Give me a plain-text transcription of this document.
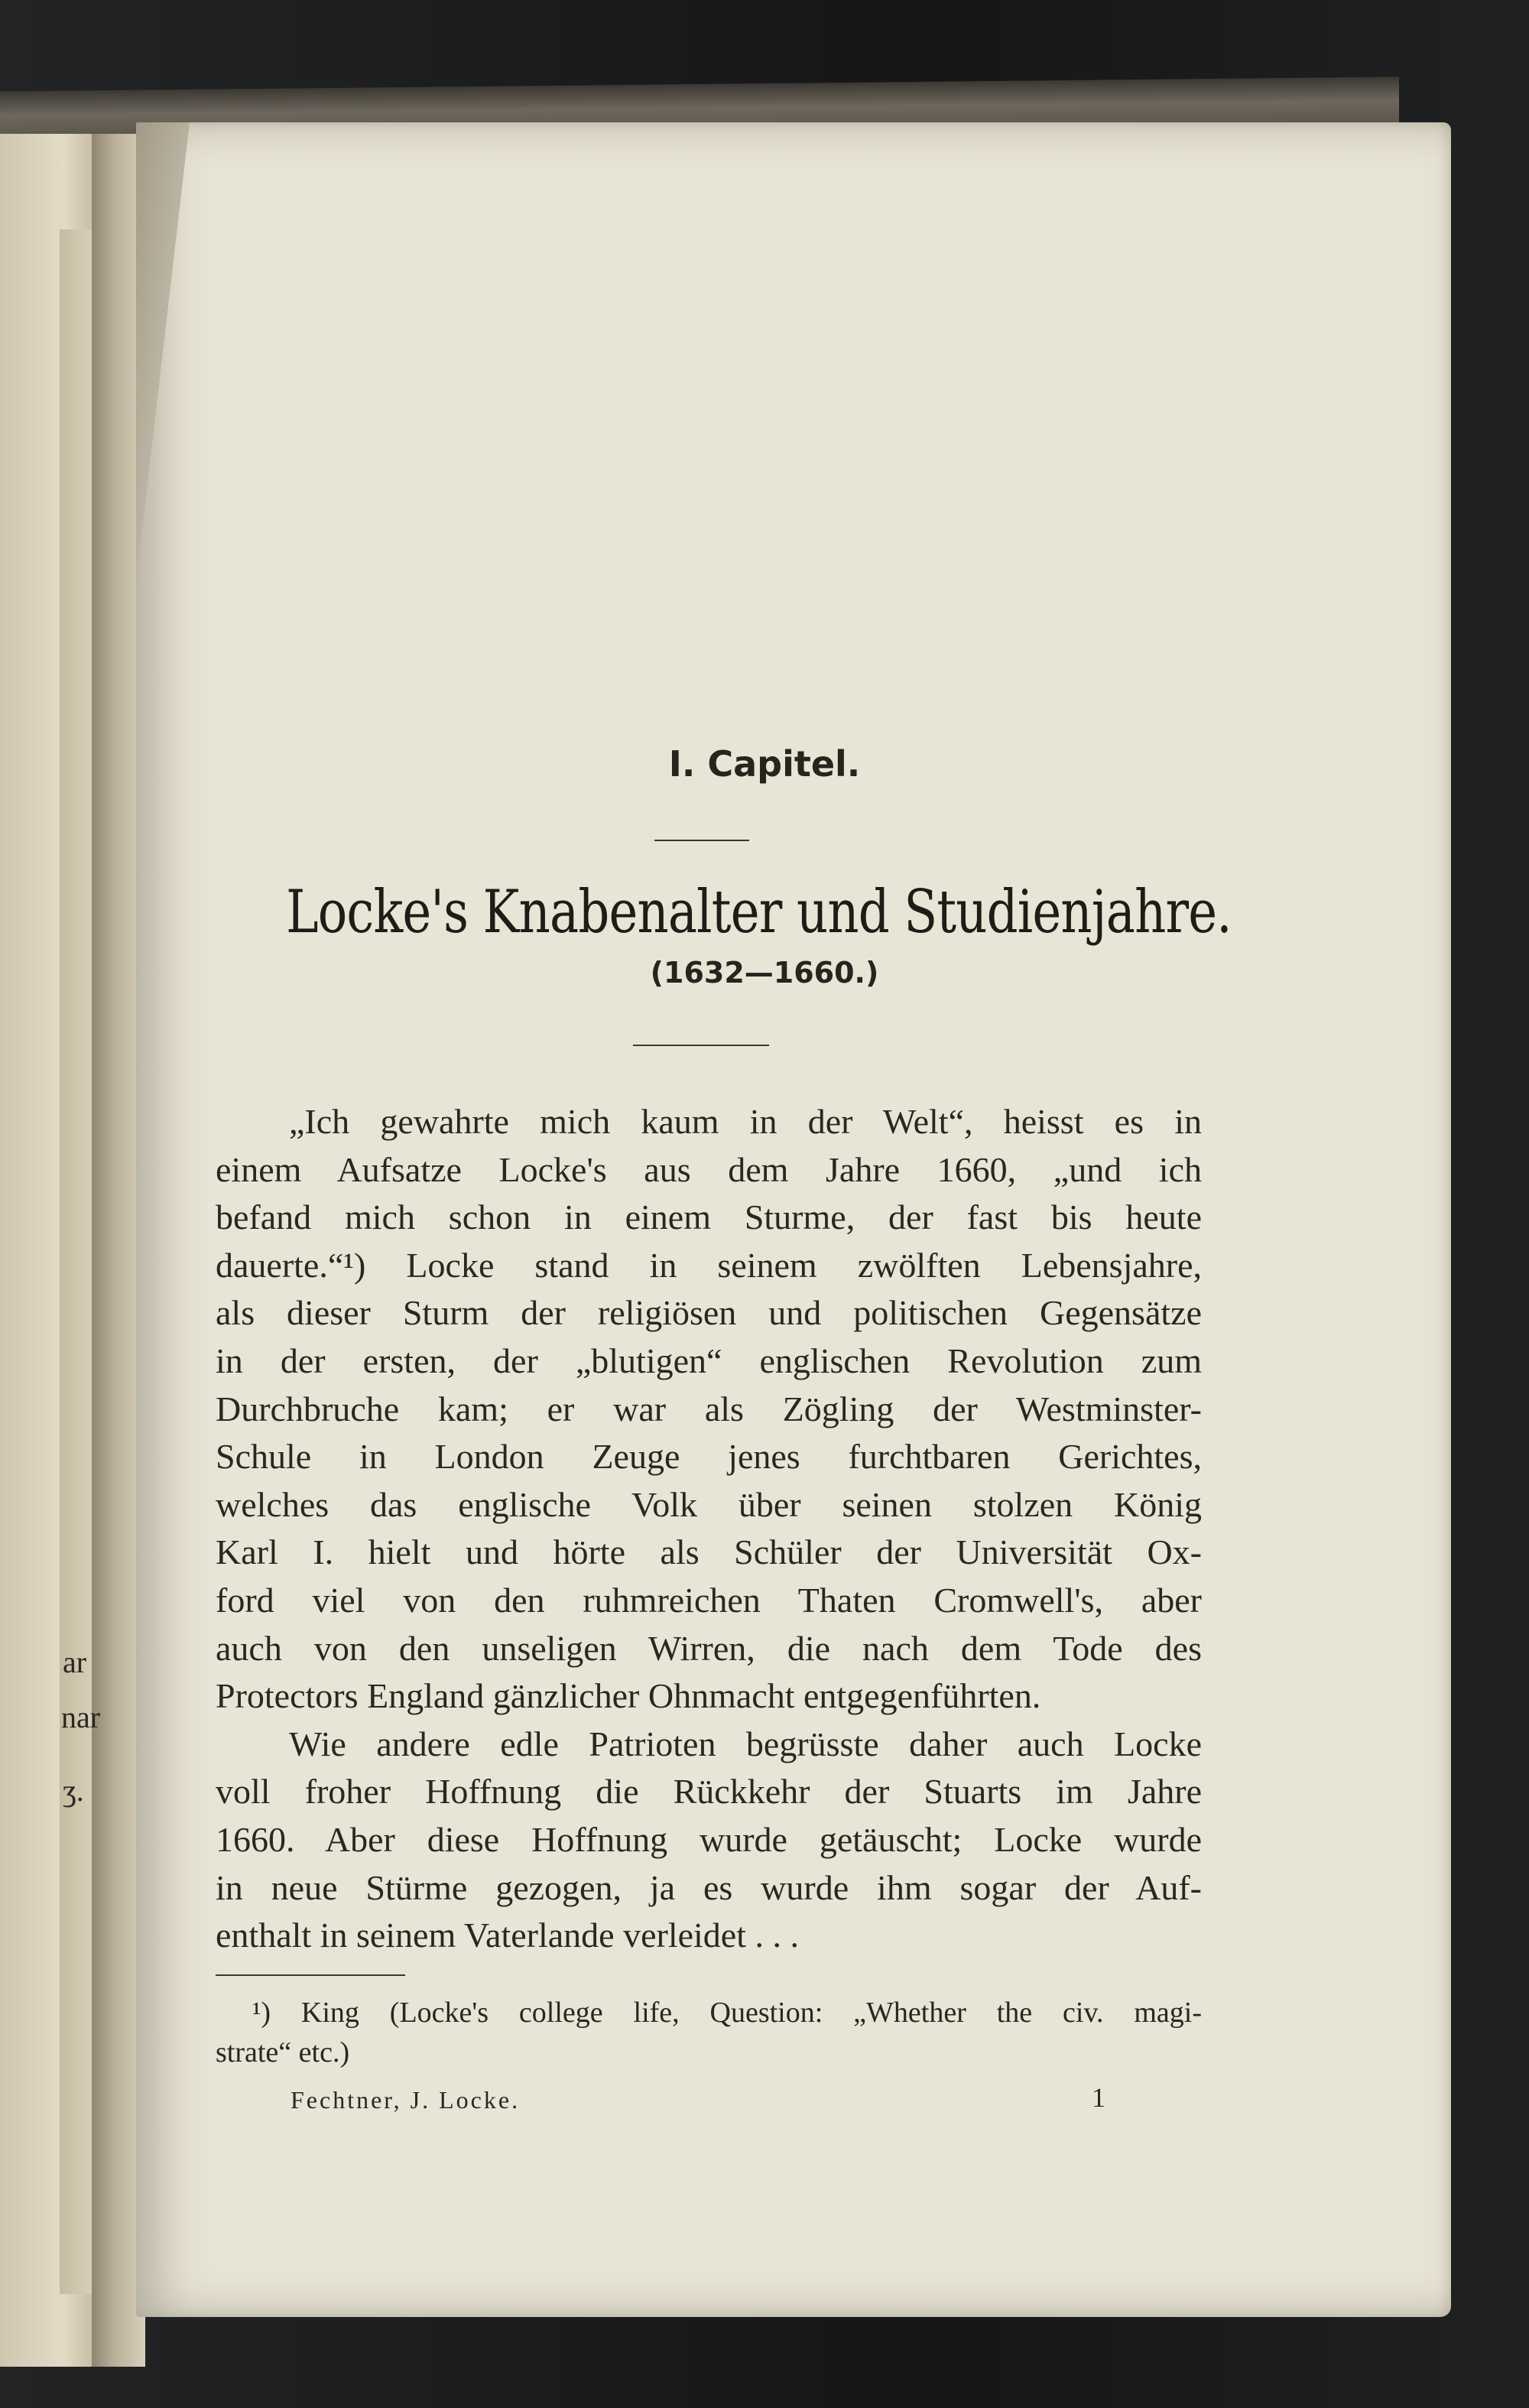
ar
nar
ʒ.
I. Capitel.
Locke's Knabenalter und Studienjahre.
(1632—1660.)
„Ich gewahrte mich kaum in der Welt“, heisst es in
einem Aufsatze Locke's aus dem Jahre 1660, „und ich
befand mich schon in einem Sturme, der fast bis heute
dauerte.“¹) Locke stand in seinem zwölften Lebensjahre,
als dieser Sturm der religiösen und politischen Gegensätze
in der ersten, der „blutigen“ englischen Revolution zum
Durchbruche kam; er war als Zögling der Westminster-
Schule in London Zeuge jenes furchtbaren Gerichtes,
welches das englische Volk über seinen stolzen König
Karl I. hielt und hörte als Schüler der Universität Ox-
ford viel von den ruhmreichen Thaten Cromwell's, aber
auch von den unseligen Wirren, die nach dem Tode des
Protectors England gänzlicher Ohnmacht entgegenführten.
Wie andere edle Patrioten begrüsste daher auch Locke
voll froher Hoffnung die Rückkehr der Stuarts im Jahre
1660. Aber diese Hoffnung wurde getäuscht; Locke wurde
in neue Stürme gezogen, ja es wurde ihm sogar der Auf-
enthalt in seinem Vaterlande verleidet . . .
¹) King (Locke's college life, Question: „Whether the civ. magi-
strate“ etc.)
Fechtner, J. Locke.	1
